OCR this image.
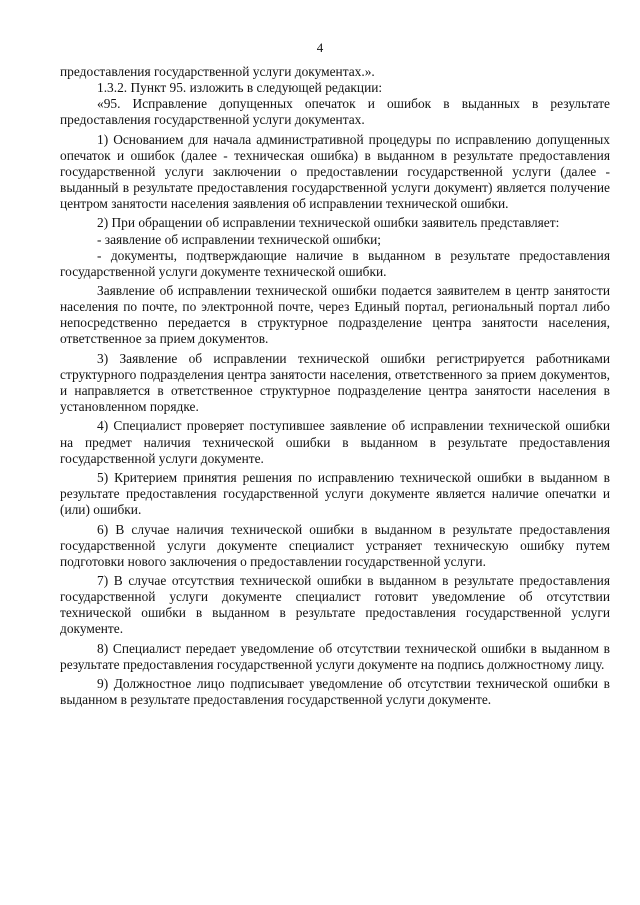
4

предоставления государственной услуги документах.».

1.3.2. Пункт 95. изложить в следующей редакции:

«95. Исправление допущенных опечаток и ошибок в выданных в результате предоставления государственной услуги документах.

1) Основанием для начала административной процедуры по исправлению допущенных опечаток и ошибок (далее - техническая ошибка) в выданном в результате предоставления государственной услуги заключении о предоставлении государственной услуги (далее - выданный в результате предоставления государственной услуги документ) является получение центром занятости населения заявления об исправлении технической ошибки.

2) При обращении об исправлении технической ошибки заявитель представляет:

- заявление об исправлении технической ошибки;

- документы, подтверждающие наличие в выданном в результате предоставления государственной услуги документе технической ошибки.

Заявление об исправлении технической ошибки подается заявителем в центр занятости населения по почте, по электронной почте, через Единый портал, региональный портал либо непосредственно передается в структурное подразделение центра занятости населения, ответственное за прием документов.

3) Заявление об исправлении технической ошибки регистрируется работниками структурного подразделения центра занятости населения, ответственного за прием документов, и направляется в ответственное структурное подразделение центра занятости населения в установленном порядке.

4) Специалист проверяет поступившее заявление об исправлении технической ошибки на предмет наличия технической ошибки в выданном в результате предоставления государственной услуги документе.

5) Критерием принятия решения по исправлению технической ошибки в выданном в результате предоставления государственной услуги документе является наличие опечатки и (или) ошибки.

6) В случае наличия технической ошибки в выданном в результате предоставления государственной услуги документе специалист устраняет техническую ошибку путем подготовки нового заключения о предоставлении государственной услуги.

7) В случае отсутствия технической ошибки в выданном в результате предоставления государственной услуги документе специалист готовит уведомление об отсутствии технической ошибки в выданном в результате предоставления государственной услуги документе.

8) Специалист передает уведомление об отсутствии технической ошибки в выданном в результате предоставления государственной услуги документе на подпись должностному лицу.

9) Должностное лицо подписывает уведомление об отсутствии технической ошибки в выданном в результате предоставления государственной услуги документе.
